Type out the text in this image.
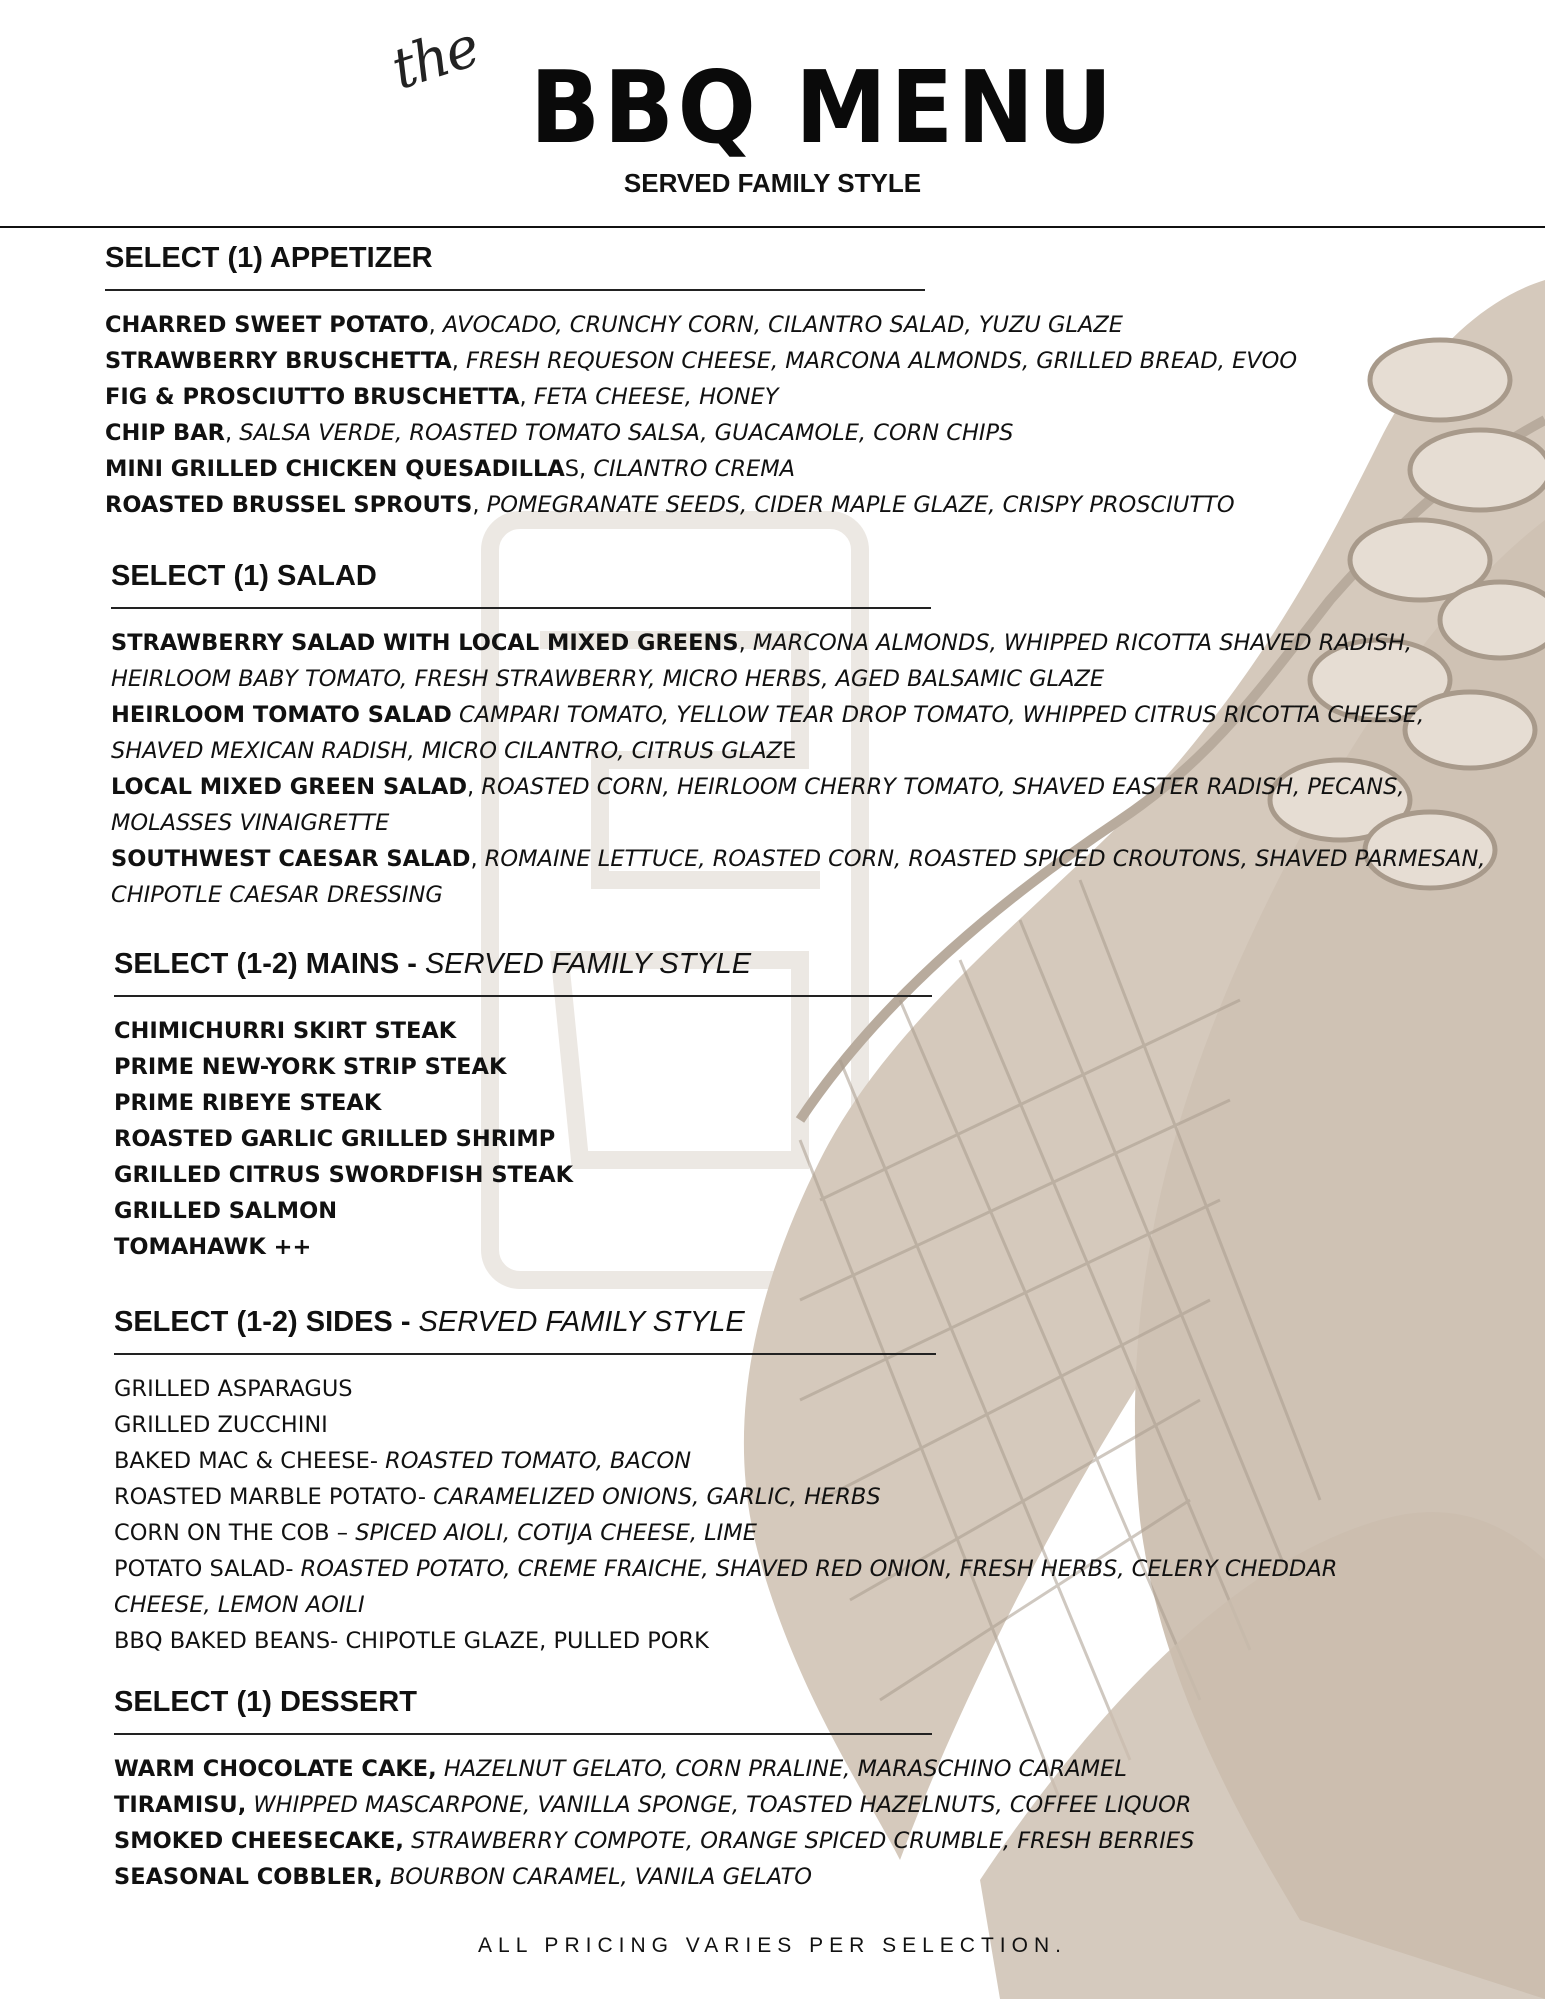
the BBQ MENU
SERVED FAMILY STYLE
SELECT (1) APPETIZER

CHARRED SWEET POTATO, AVOCADO, CRUNCHY CORN, CILANTRO SALAD, YUZU GLAZE

STRAWBERRY BRUSCHETTA, FRESH REQUESON CHEESE, MARCONA ALMONDS, GRILLED BREAD, EVOO

FIG & PROSCIUTTO BRUSCHETTA, FETA CHEESE, HONEY

CHIP BAR, SALSA VERDE, ROASTED TOMATO SALSA, GUACAMOLE, CORN CHIPS

MINI GRILLED CHICKEN QUESADILLAS, CILANTRO CREMA

ROASTED BRUSSEL SPROUTS, POMEGRANATE SEEDS, CIDER MAPLE GLAZE, CRISPY PROSCIUTTO

SELECT (1) SALAD

STRAWBERRY SALAD WITH LOCAL MIXED GREENS, MARCONA ALMONDS, WHIPPED RICOTTA SHAVED RADISH, HEIRLOOM BABY TOMATO, FRESH STRAWBERRY, MICRO HERBS, AGED BALSAMIC GLAZE

HEIRLOOM TOMATO SALAD CAMPARI TOMATO, YELLOW TEAR DROP TOMATO, WHIPPED CITRUS RICOTTA CHEESE, SHAVED MEXICAN RADISH, MICRO CILANTRO, CITRUS GLAZE

LOCAL MIXED GREEN SALAD, ROASTED CORN, HEIRLOOM CHERRY TOMATO, SHAVED EASTER RADISH, PECANS, MOLASSES VINAIGRETTE

SOUTHWEST CAESAR SALAD, ROMAINE LETTUCE, ROASTED CORN, ROASTED SPICED CROUTONS, SHAVED PARMESAN, CHIPOTLE CAESAR DRESSING

SELECT (1-2) MAINS - SERVED FAMILY STYLE

CHIMICHURRI SKIRT STEAK

PRIME NEW-YORK STRIP STEAK

PRIME RIBEYE STEAK

ROASTED GARLIC GRILLED SHRIMP

GRILLED CITRUS SWORDFISH STEAK

GRILLED SALMON

TOMAHAWK ++

SELECT (1-2) SIDES - SERVED FAMILY STYLE

GRILLED ASPARAGUS

GRILLED ZUCCHINI

BAKED MAC & CHEESE- ROASTED TOMATO, BACON

ROASTED MARBLE POTATO- CARAMELIZED ONIONS, GARLIC, HERBS

CORN ON THE COB – SPICED AIOLI, COTIJA CHEESE, LIME

POTATO SALAD- ROASTED POTATO, CREME FRAICHE, SHAVED RED ONION, FRESH HERBS, CELERY CHEDDAR CHEESE, LEMON AOILI

BBQ BAKED BEANS- CHIPOTLE GLAZE, PULLED PORK

SELECT (1) DESSERT

WARM CHOCOLATE CAKE, HAZELNUT GELATO, CORN PRALINE, MARASCHINO CARAMEL

TIRAMISU, WHIPPED MASCARPONE, VANILLA SPONGE, TOASTED HAZELNUTS, COFFEE LIQUOR

SMOKED CHEESECAKE, STRAWBERRY COMPOTE, ORANGE SPICED CRUMBLE, FRESH BERRIES

SEASONAL COBBLER, BOURBON CARAMEL, VANILA GELATO

ALL PRICING VARIES PER SELECTION.
